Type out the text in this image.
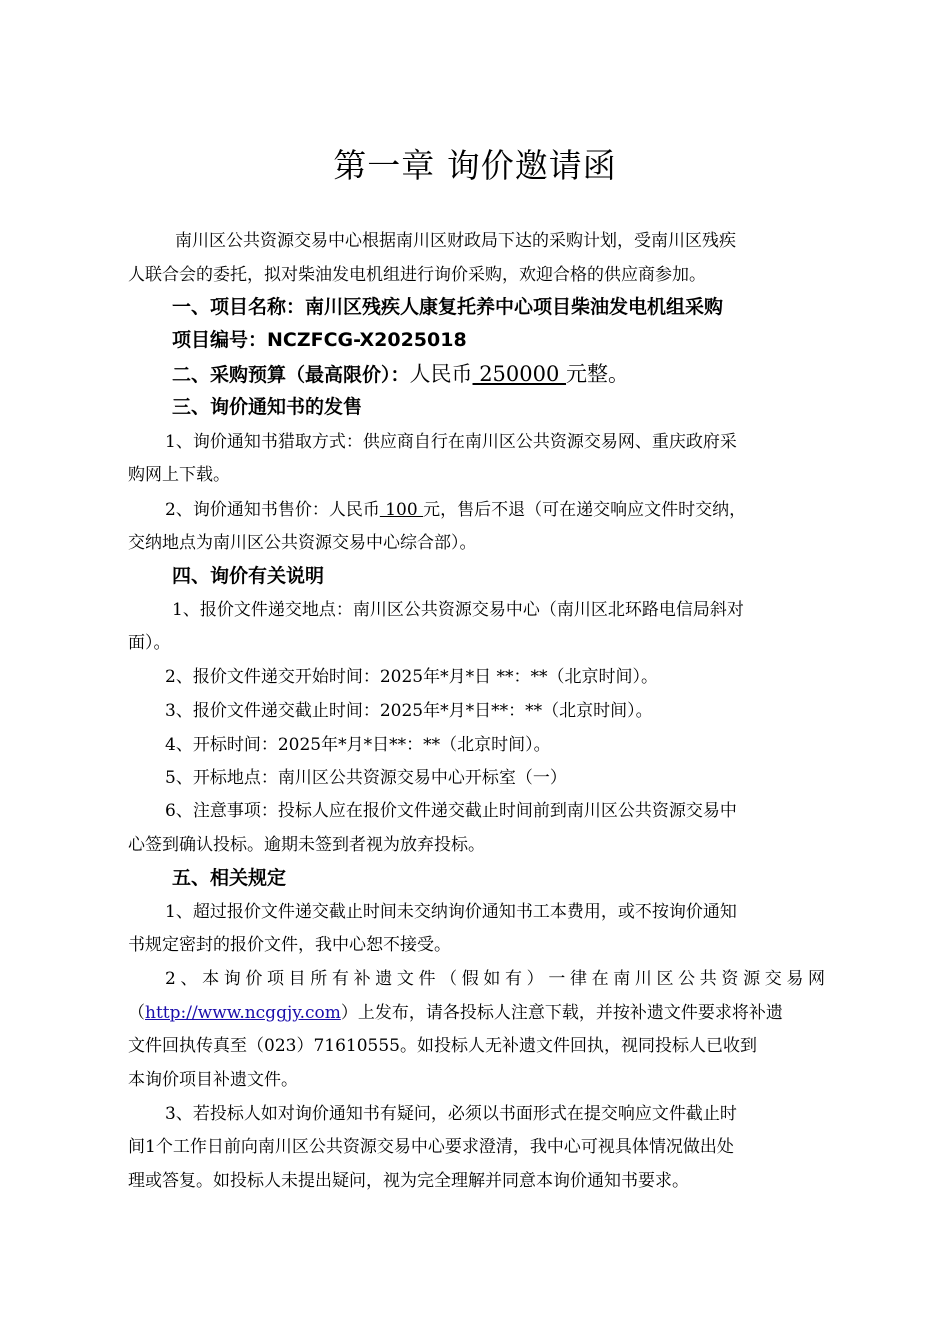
第一章 询价邀请函
南川区公共资源交易中心根据南川区财政局下达的采购计划，受南川区残疾
人联合会的委托，拟对柴油发电机组进行询价采购，欢迎合格的供应商参加。
一、项目名称：南川区残疾人康复托养中心项目柴油发电机组采购
项目编号：NCZFCG-X2025018
二、采购预算（最高限价）：人民币 250000 元整。
三、询价通知书的发售
1、询价通知书猎取方式：供应商自行在南川区公共资源交易网、重庆政府采
购网上下载。
2、询价通知书售价：人民币 100 元，售后不退（可在递交响应文件时交纳，
交纳地点为南川区公共资源交易中心综合部）。
四、询价有关说明
1、报价文件递交地点：南川区公共资源交易中心（南川区北环路电信局斜对
面）。
2、报价文件递交开始时间：2025年*月*日 **：**（北京时间）。
3、报价文件递交截止时间：2025年*月*日**：**（北京时间）。
4、开标时间：2025年*月*日**：**（北京时间）。
5、开标地点：南川区公共资源交易中心开标室（一）
6、注意事项：投标人应在报价文件递交截止时间前到南川区公共资源交易中
心签到确认投标。逾期未签到者视为放弃投标。
五、相关规定
1、超过报价文件递交截止时间未交纳询价通知书工本费用，或不按询价通知
书规定密封的报价文件，我中心恕不接受。
2、本询价项目所有补遗文件（假如有）一律在南川区公共资源交易网
（http://www.ncggjy.com）上发布，请各投标人注意下载，并按补遗文件要求将补遗
文件回执传真至（023）71610555。如投标人无补遗文件回执，视同投标人已收到
本询价项目补遗文件。
3、若投标人如对询价通知书有疑问，必须以书面形式在提交响应文件截止时
间1个工作日前向南川区公共资源交易中心要求澄清，我中心可视具体情况做出处
理或答复。如投标人未提出疑问，视为完全理解并同意本询价通知书要求。
